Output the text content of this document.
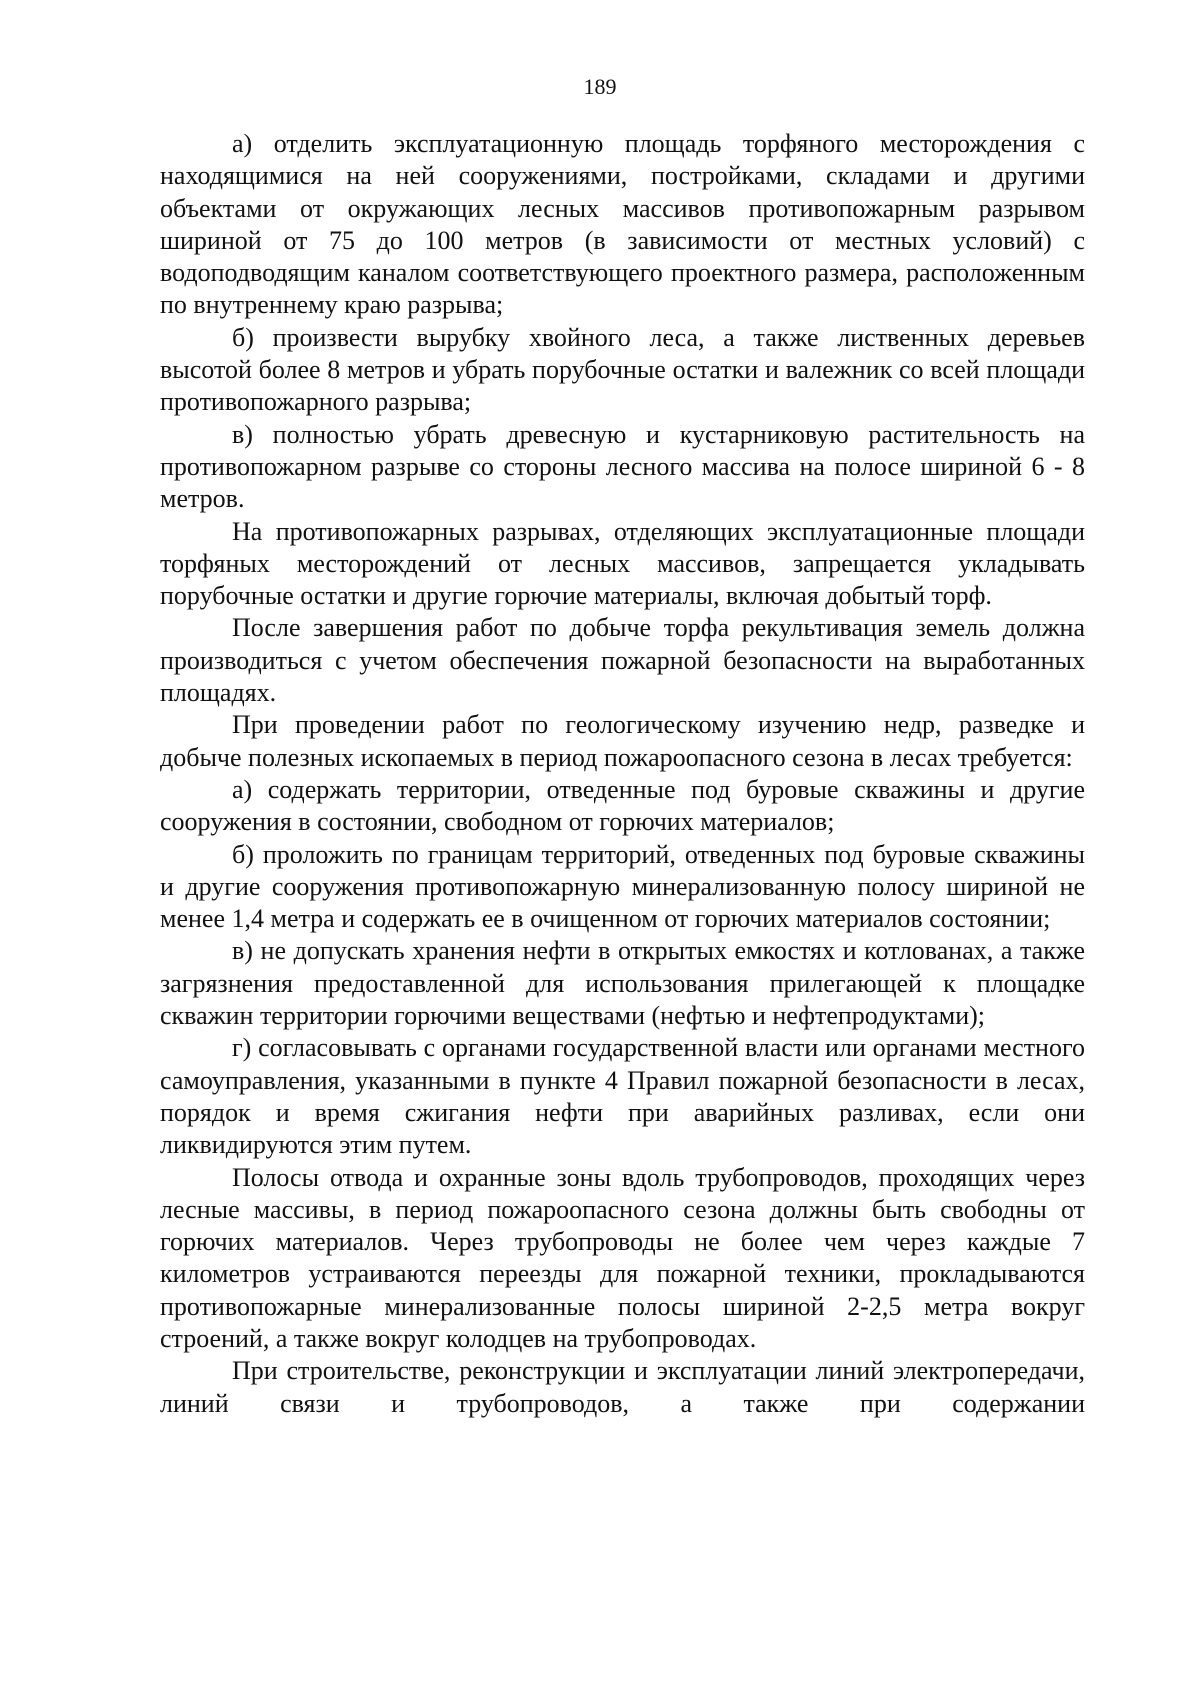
189

а) отделить эксплуатационную площадь торфяного месторождения с находящимися на ней сооружениями, постройками, складами и другими объектами от окружающих лесных массивов противопожарным разрывом шириной от 75 до 100 метров (в зависимости от местных условий) с водоподводящим каналом соответствующего проектного размера, расположенным по внутреннему краю разрыва;

б) произвести вырубку хвойного леса, а также лиственных деревьев высотой более 8 метров и убрать порубочные остатки и валежник со всей площади противопожарного разрыва;

в) полностью убрать древесную и кустарниковую растительность на противопожарном разрыве со стороны лесного массива на полосе шириной 6 - 8 метров.

На противопожарных разрывах, отделяющих эксплуатационные площади торфяных месторождений от лесных массивов, запрещается укладывать порубочные остатки и другие горючие материалы, включая добытый торф.

После завершения работ по добыче торфа рекультивация земель должна производиться с учетом обеспечения пожарной безопасности на выработанных площадях.

При проведении работ по геологическому изучению недр, разведке и добыче полезных ископаемых в период пожароопасного сезона в лесах требуется:

а) содержать территории, отведенные под буровые скважины и другие сооружения в состоянии, свободном от горючих материалов;

б) проложить по границам территорий, отведенных под буровые скважины и другие сооружения противопожарную минерализованную полосу шириной не менее 1,4 метра и содержать ее в очищенном от горючих материалов состоянии;

в) не допускать хранения нефти в открытых емкостях и котлованах, а также загрязнения предоставленной для использования прилегающей к площадке скважин территории горючими веществами (нефтью и нефтепродуктами);

г) согласовывать с органами государственной власти или органами местного самоуправления, указанными в пункте 4 Правил пожарной безопасности в лесах, порядок и время сжигания нефти при аварийных разливах, если они ликвидируются этим путем.

Полосы отвода и охранные зоны вдоль трубопроводов, проходящих через лесные массивы, в период пожароопасного сезона должны быть свободны от горючих материалов. Через трубопроводы не более чем через каждые 7 километров устраиваются переезды для пожарной техники, прокладываются противопожарные минерализованные полосы шириной 2-2,5 метра вокруг строений, а также вокруг колодцев на трубопроводах.

При строительстве, реконструкции и эксплуатации линий электропередачи, линий связи и трубопроводов, а также при содержании
